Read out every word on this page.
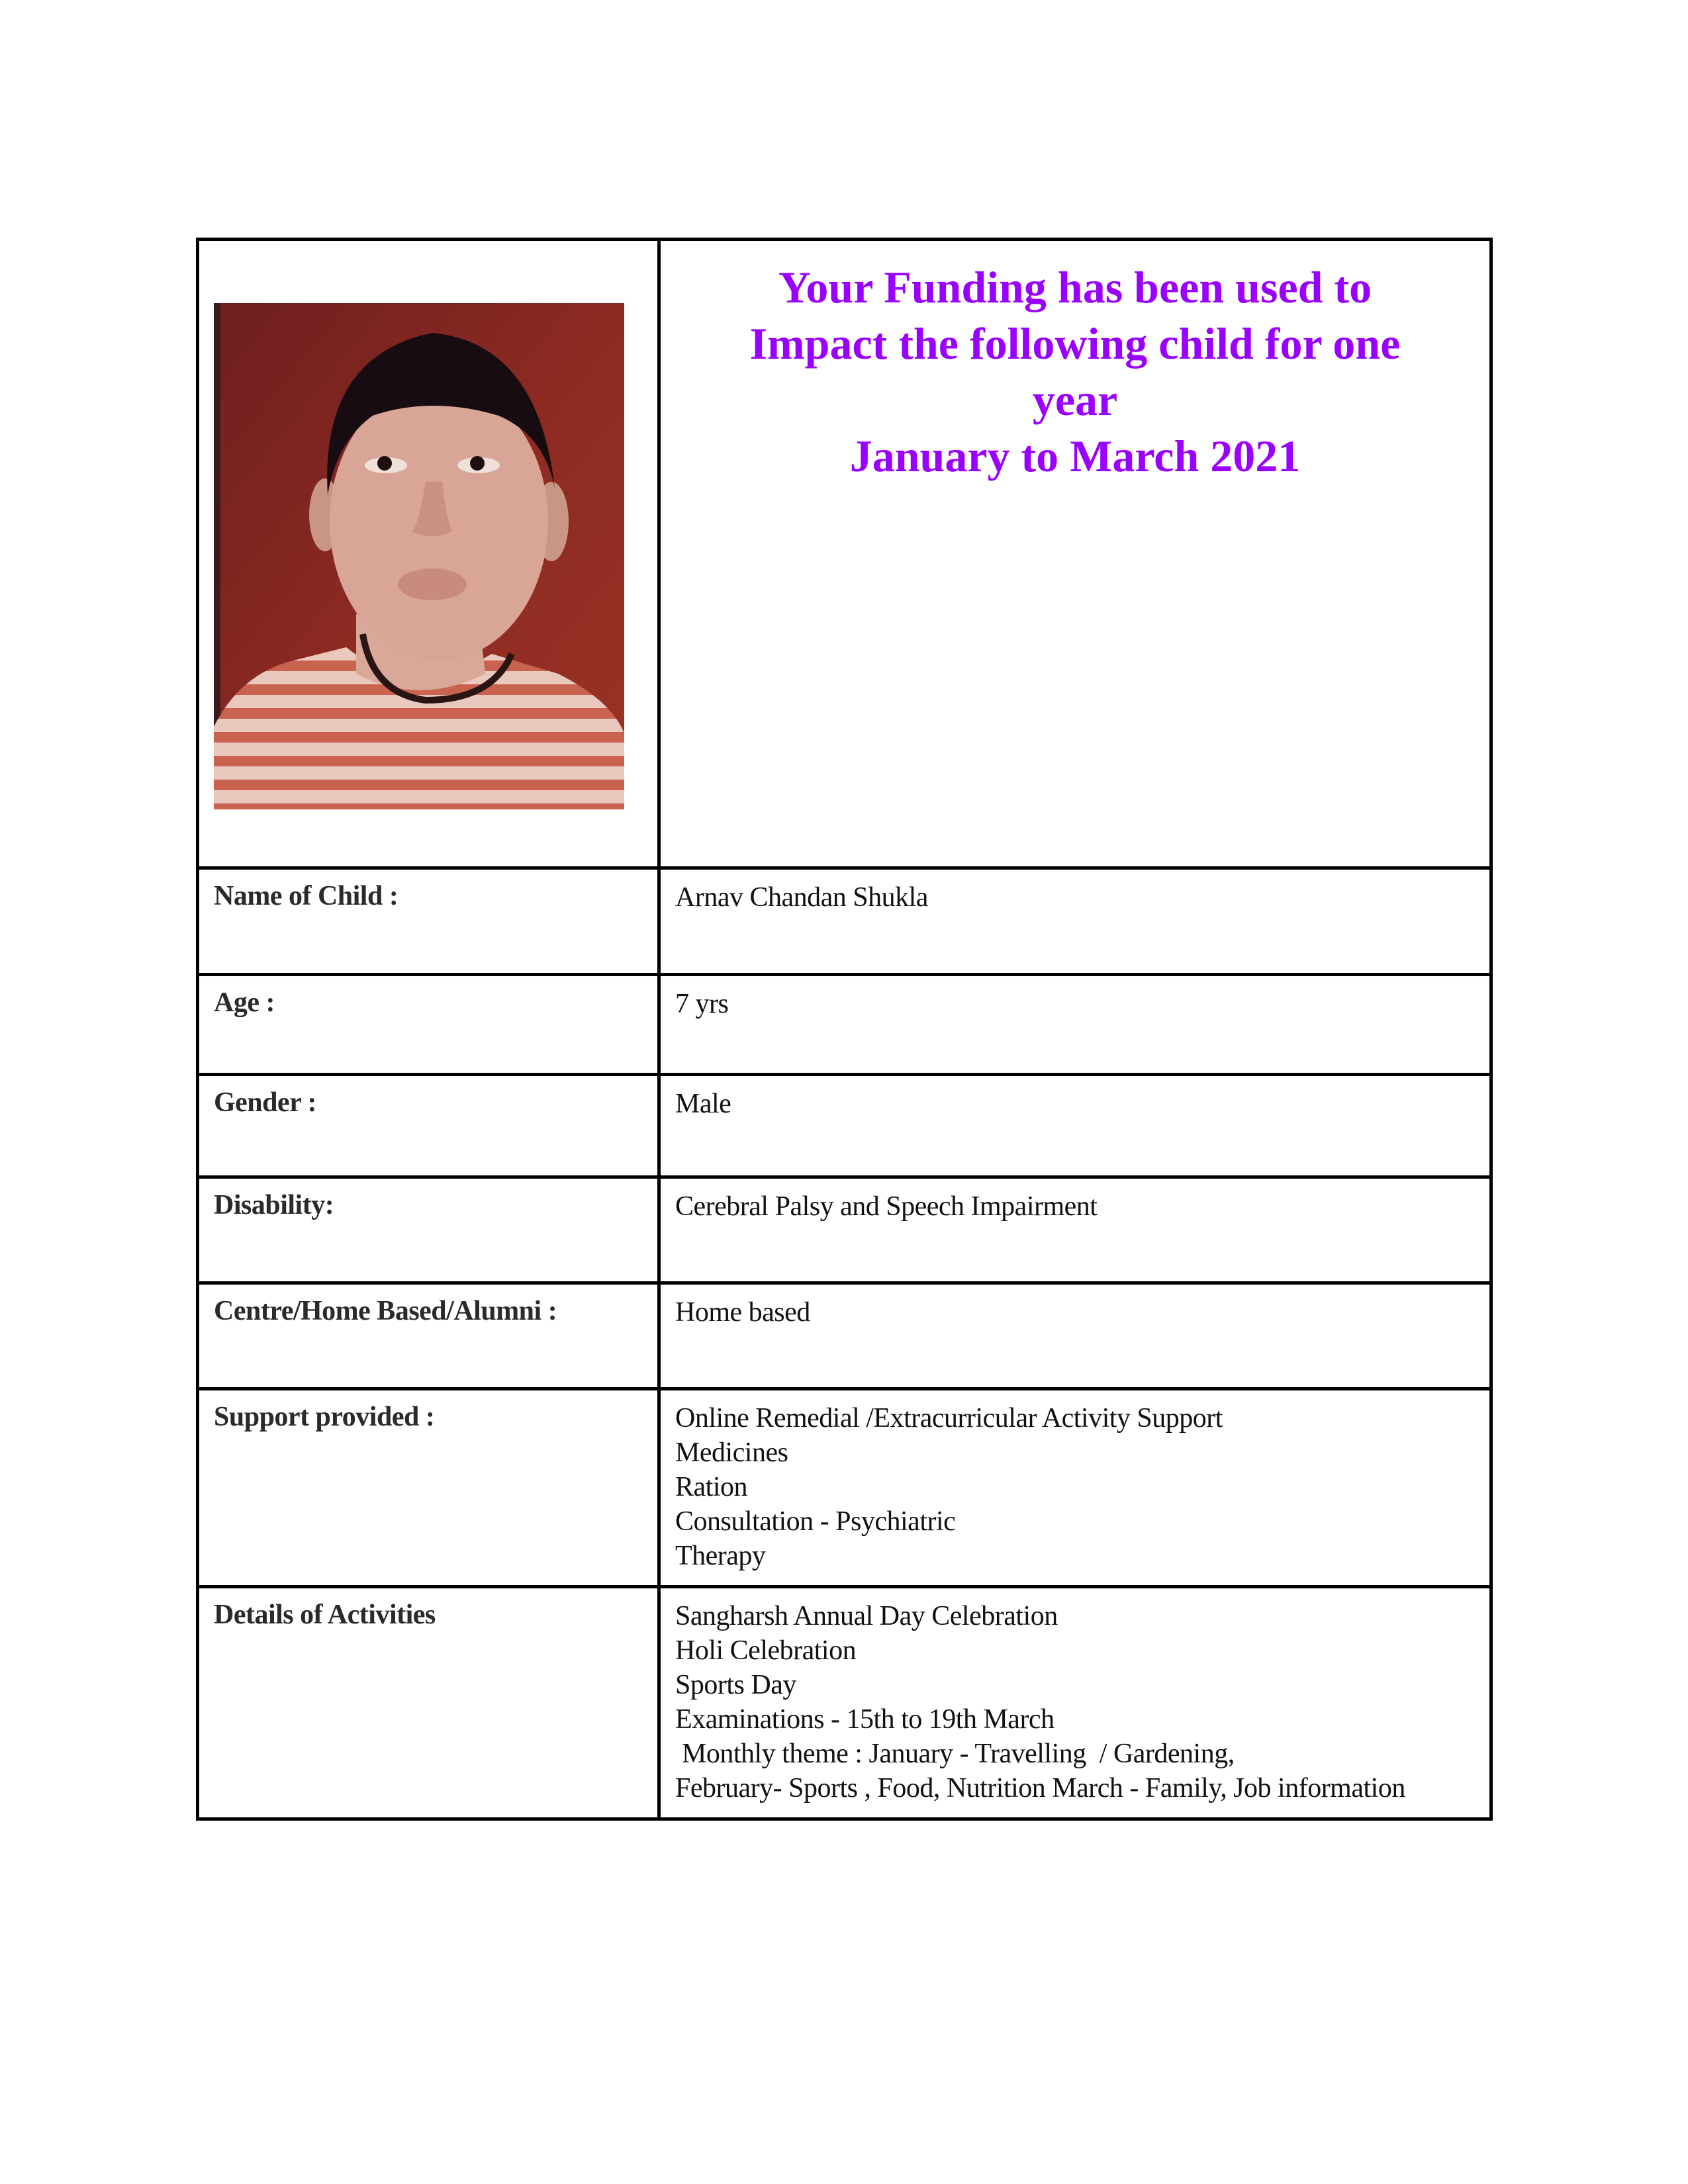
Your Funding has been used to
Impact the following child for one
year
January to March 2021

Name of Child :	Arnav Chandan Shukla

Age :	7 yrs

Gender :	Male

Disability:	Cerebral Palsy and Speech Impairment

Centre/Home Based/Alumni :	Home based

Support provided :	Online Remedial /Extracurricular Activity Support
Medicines
Ration
Consultation - Psychiatric
Therapy

Details of Activities	Sangharsh Annual Day Celebration
Holi Celebration
Sports Day
Examinations - 15th to 19th March
Monthly theme : January - Travelling  / Gardening,
February- Sports , Food, Nutrition March - Family, Job information
